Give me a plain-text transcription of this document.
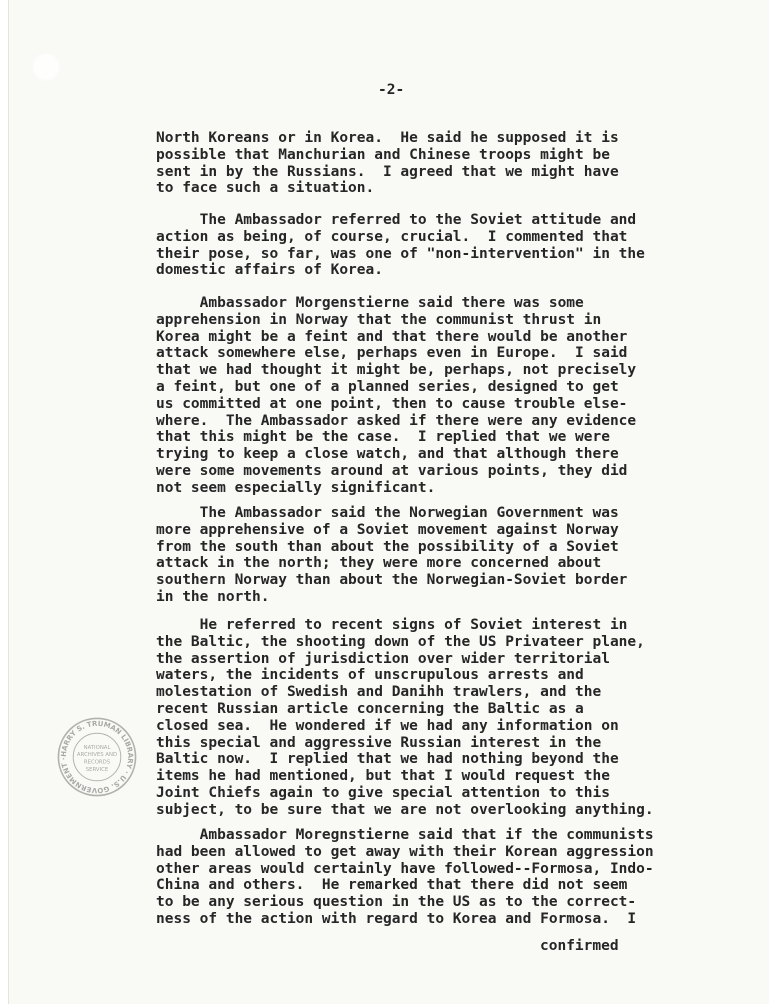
-2-

North Koreans or in Korea.  He said he supposed it is
possible that Manchurian and Chinese troops might be
sent in by the Russians.  I agreed that we might have
to face such a situation.

The Ambassador referred to the Soviet attitude and
action as being, of course, crucial.  I commented that
their pose, so far, was one of "non-intervention" in the
domestic affairs of Korea.

Ambassador Morgenstierne said there was some
apprehension in Norway that the communist thrust in
Korea might be a feint and that there would be another
attack somewhere else, perhaps even in Europe.  I said
that we had thought it might be, perhaps, not precisely
a feint, but one of a planned series, designed to get
us committed at one point, then to cause trouble else-
where.  The Ambassador asked if there were any evidence
that this might be the case.  I replied that we were
trying to keep a close watch, and that although there
were some movements around at various points, they did
not seem especially significant.

The Ambassador said the Norwegian Government was
more apprehensive of a Soviet movement against Norway
from the south than about the possibility of a Soviet
attack in the north; they were more concerned about
southern Norway than about the Norwegian-Soviet border
in the north.

He referred to recent signs of Soviet interest in
the Baltic, the shooting down of the US Privateer plane,
the assertion of jurisdiction over wider territorial
waters, the incidents of unscrupulous arrests and
molestation of Swedish and Danihh trawlers, and the
recent Russian article concerning the Baltic as a
closed sea.  He wondered if we had any information on
this special and aggressive Russian interest in the
Baltic now.  I replied that we had nothing beyond the
items he had mentioned, but that I would request the
Joint Chiefs again to give special attention to this
subject, to be sure that we are not overlooking anything.

Ambassador Moregnstierne said that if the communists
had been allowed to get away with their Korean aggression
other areas would certainly have followed--Formosa, Indo-
China and others.  He remarked that there did not seem
to be any serious question in the US as to the correct-
ness of the action with regard to Korea and Formosa.  I

confirmed

HARRY S. TRUMAN LIBRARY · U.S. GOVERNMENT ·
NATIONAL
ARCHIVES AND
RECORDS
SERVICE
